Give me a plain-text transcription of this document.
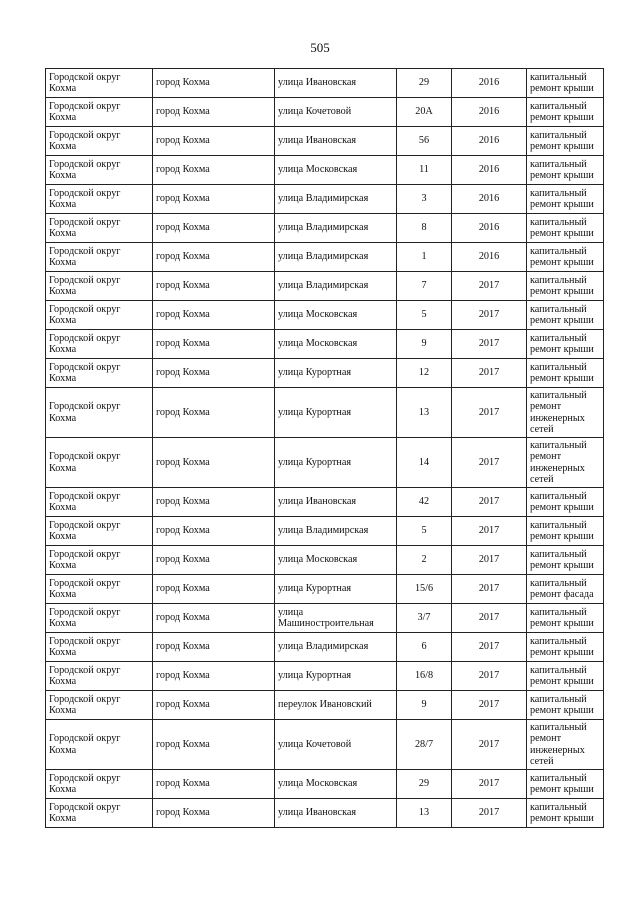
505
Городской округ Кохма	город Кохма	улица Ивановская	29	2016	капитальный ремонт крыши
Городской округ Кохма	город Кохма	улица Кочетовой	20А	2016	капитальный ремонт крыши
Городской округ Кохма	город Кохма	улица Ивановская	56	2016	капитальный ремонт крыши
Городской округ Кохма	город Кохма	улица Московская	11	2016	капитальный ремонт крыши
Городской округ Кохма	город Кохма	улица Владимирская	3	2016	капитальный ремонт крыши
Городской округ Кохма	город Кохма	улица Владимирская	8	2016	капитальный ремонт крыши
Городской округ Кохма	город Кохма	улица Владимирская	1	2016	капитальный ремонт крыши
Городской округ Кохма	город Кохма	улица Владимирская	7	2017	капитальный ремонт крыши
Городской округ Кохма	город Кохма	улица Московская	5	2017	капитальный ремонт крыши
Городской округ Кохма	город Кохма	улица Московская	9	2017	капитальный ремонт крыши
Городской округ Кохма	город Кохма	улица Курортная	12	2017	капитальный ремонт крыши
Городской округ Кохма	город Кохма	улица Курортная	13	2017	капитальный ремонт инженерных сетей
Городской округ Кохма	город Кохма	улица Курортная	14	2017	капитальный ремонт инженерных сетей
Городской округ Кохма	город Кохма	улица Ивановская	42	2017	капитальный ремонт крыши
Городской округ Кохма	город Кохма	улица Владимирская	5	2017	капитальный ремонт крыши
Городской округ Кохма	город Кохма	улица Московская	2	2017	капитальный ремонт крыши
Городской округ Кохма	город Кохма	улица Курортная	15/6	2017	капитальный ремонт фасада
Городской округ Кохма	город Кохма	улица Машиностроительная	3/7	2017	капитальный ремонт крыши
Городской округ Кохма	город Кохма	улица Владимирская	6	2017	капитальный ремонт крыши
Городской округ Кохма	город Кохма	улица Курортная	16/8	2017	капитальный ремонт крыши
Городской округ Кохма	город Кохма	переулок Ивановский	9	2017	капитальный ремонт крыши
Городской округ Кохма	город Кохма	улица Кочетовой	28/7	2017	капитальный ремонт инженерных сетей
Городской округ Кохма	город Кохма	улица Московская	29	2017	капитальный ремонт крыши
Городской округ Кохма	город Кохма	улица Ивановская	13	2017	капитальный ремонт крыши
